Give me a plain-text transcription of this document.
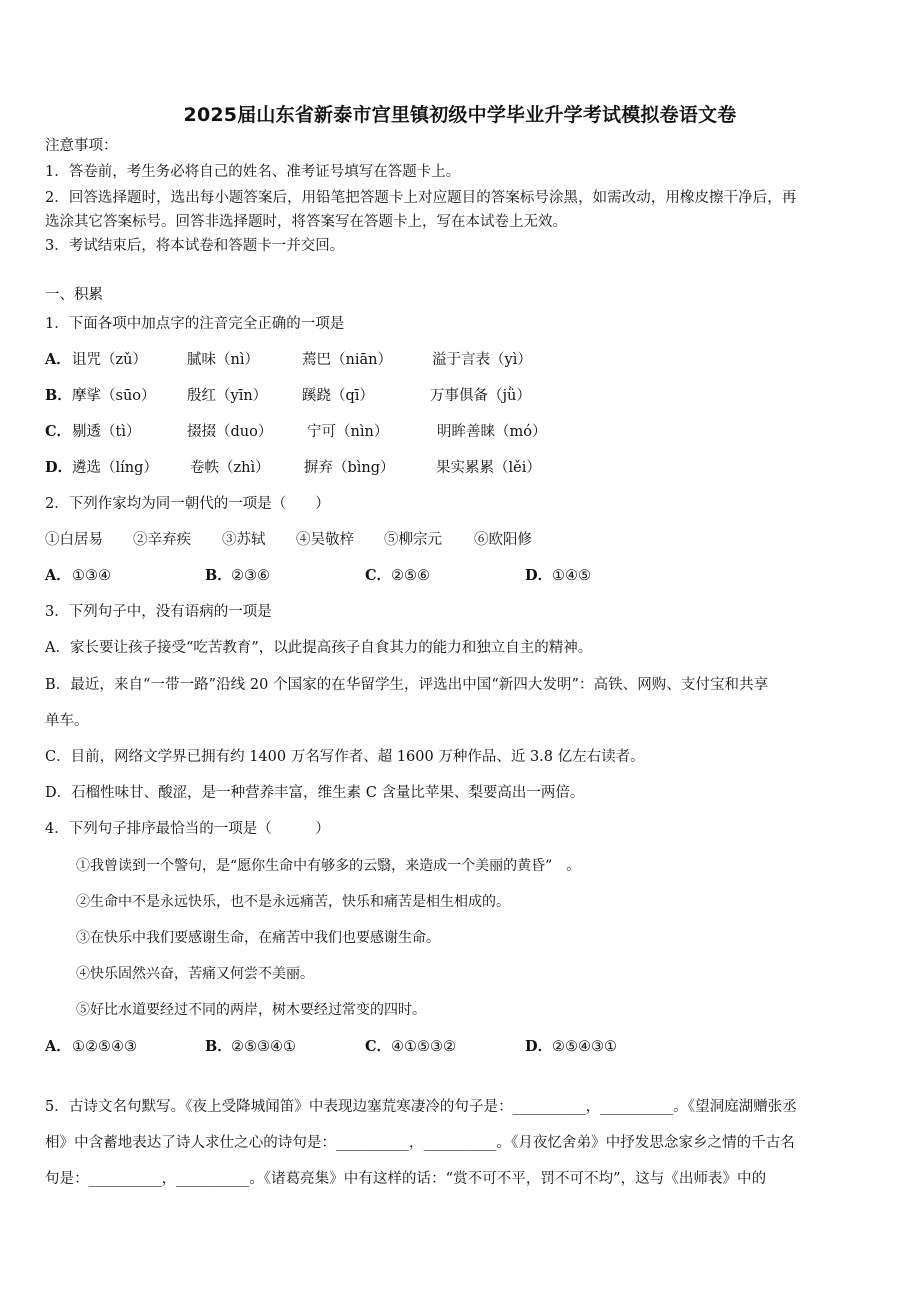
2025届山东省新泰市宫里镇初级中学毕业升学考试模拟卷语文卷
注意事项：
1．答卷前，考生务必将自己的姓名、准考证号填写在答题卡上。
2．回答选择题时，选出每小题答案后，用铅笔把答题卡上对应题目的答案标号涂黑，如需改动，用橡皮擦干净后，再
选涂其它答案标号。回答非选择题时，将答案写在答题卡上，写在本试卷上无效。
3．考试结束后，将本试卷和答题卡一并交回。
一、积累
1．下面各项中加点字的注音完全正确的一项是
A． 诅咒（zǔ）	腻味（nì）	蔫巴（niān）	溢于言表（yì）
B． 摩挲（sūo） 殷红（yīn） 蹊跷（qī）	万事俱备（jǜ）
C． 剔透（tì）	掇掇（duo） 宁可（nìn）	明眸善睐（mó）
D． 遴选（líng） 卷帙（zhì） 摒弃（bìng）	果实累累（lěi）
2．下列作家均为同一朝代的一项是（　　）
①白居易 ②辛弃疾 ③苏轼 ④吴敬梓 ⑤柳宗元 ⑥欧阳修
A． ①③④	B． ②③⑥	C． ②⑤⑥	D． ①④⑤
3．下列句子中，没有语病的一项是
A．家长要让孩子接受“吃苦教育”，以此提高孩子自食其力的能力和独立自主的精神。
B．最近，来自“一带一路”沿线 20 个国家的在华留学生，评选出中国“新四大发明”：高铁、网购、支付宝和共享
单车。
C．目前，网络文学界已拥有约 1400 万名写作者、超 1600 万种作品、近 3.8 亿左右读者。
D．石榴性味甘、酸涩，是一种营养丰富，维生素 C 含量比苹果、梨要高出一两倍。
4．下列句子排序最恰当的一项是（　　　）
①我曾读到一个警句，是“愿你生命中有够多的云翳，来造成一个美丽的黄昏”　。
②生命中不是永远快乐，也不是永远痛苦，快乐和痛苦是相生相成的。
③在快乐中我们要感谢生命，在痛苦中我们也要感谢生命。
④快乐固然兴奋，苦痛又何尝不美丽。
⑤好比水道要经过不同的两岸，树木要经过常变的四时。
A． ①②⑤④③	B． ②⑤③④①	C． ④①⑤③②	D． ②⑤④③①
5．古诗文名句默写。《夜上受降城闻笛》中表现边塞荒寒凄冷的句子是：__________，__________。《望洞庭湖赠张丞
相》中含蓄地表达了诗人求仕之心的诗句是：__________，__________。《月夜忆舍弟》中抒发思念家乡之情的千古名
句是：__________，__________。《诸葛亮集》中有这样的话：“赏不可不平，罚不可不均”，这与《出师表》中的
